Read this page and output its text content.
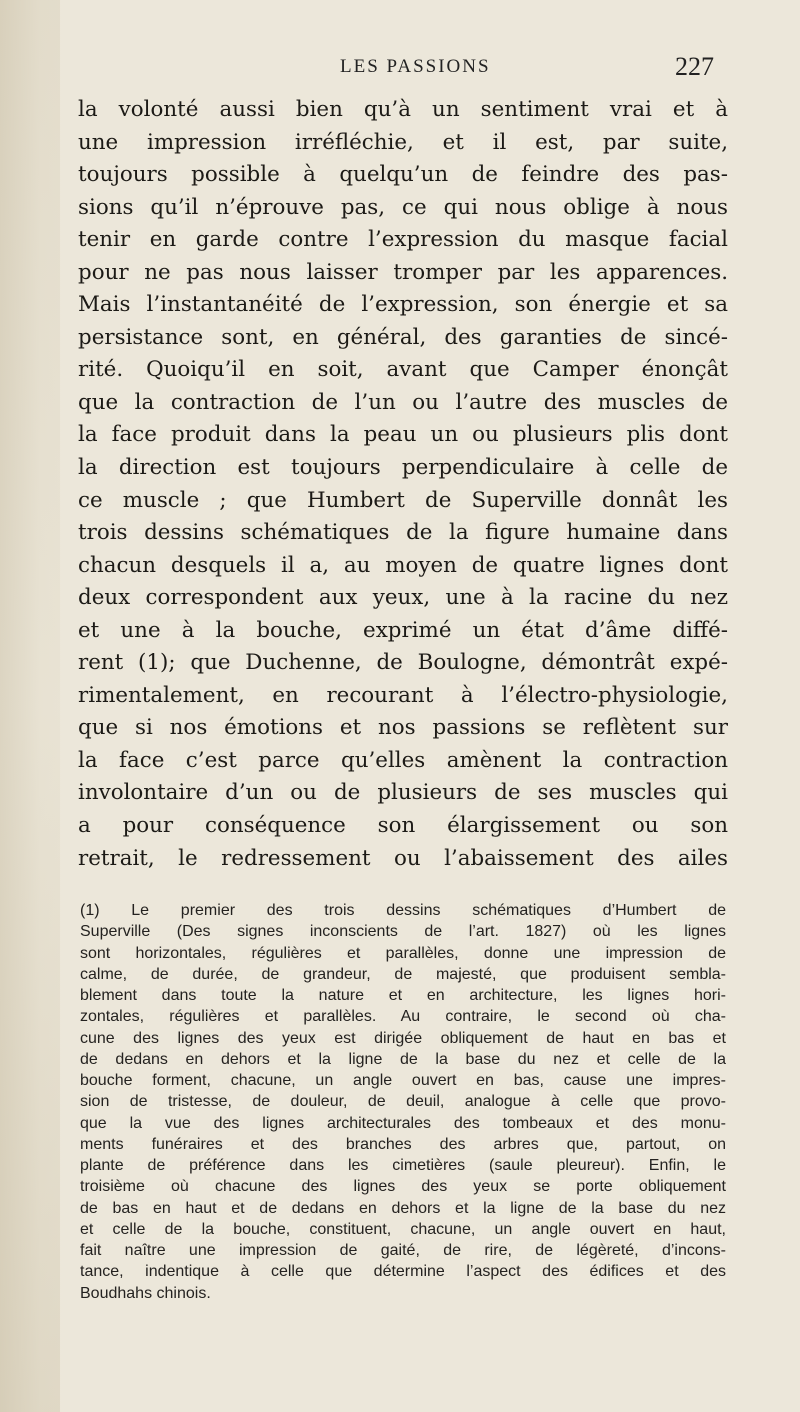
LES PASSIONS	227
la volonté aussi bien qu’à un sentiment vrai et à
une impression irréfléchie, et il est, par suite,
toujours possible à quelqu’un de feindre des pas-
sions qu’il n’éprouve pas, ce qui nous oblige à nous
tenir en garde contre l’expression du masque facial
pour ne pas nous laisser tromper par les apparences.
Mais l’instantanéité de l’expression, son énergie et sa
persistance sont, en général, des garanties de sincé-
rité. Quoiqu’il en soit, avant que Camper énonçât
que la contraction de l’un ou l’autre des muscles de
la face produit dans la peau un ou plusieurs plis dont
la direction est toujours perpendiculaire à celle de
ce muscle ; que Humbert de Superville donnât les
trois dessins schématiques de la figure humaine dans
chacun desquels il a, au moyen de quatre lignes dont
deux correspondent aux yeux, une à la racine du nez
et une à la bouche, exprimé un état d’âme diffé-
rent (1); que Duchenne, de Boulogne, démontrât expé-
rimentalement, en recourant à l’électro-physiologie,
que si nos émotions et nos passions se reflètent sur
la face c’est parce qu’elles amènent la contraction
involontaire d’un ou de plusieurs de ses muscles qui
a pour conséquence son élargissement ou son
retrait, le redressement ou l’abaissement des ailes
(1) Le premier des trois dessins schématiques d’Humbert de
Superville (Des signes inconscients de l’art. 1827) où les lignes
sont horizontales, régulières et parallèles, donne une impression de
calme, de durée, de grandeur, de majesté, que produisent sembla-
blement dans toute la nature et en architecture, les lignes hori-
zontales, régulières et parallèles. Au contraire, le second où cha-
cune des lignes des yeux est dirigée obliquement de haut en bas et
de dedans en dehors et la ligne de la base du nez et celle de la
bouche forment, chacune, un angle ouvert en bas, cause une impres-
sion de tristesse, de douleur, de deuil, analogue à celle que provo-
que la vue des lignes architecturales des tombeaux et des monu-
ments funéraires et des branches des arbres que, partout, on
plante de préférence dans les cimetières (saule pleureur). Enfin, le
troisième où chacune des lignes des yeux se porte obliquement
de bas en haut et de dedans en dehors et la ligne de la base du nez
et celle de la bouche, constituent, chacune, un angle ouvert en haut,
fait naître une impression de gaité, de rire, de légèreté, d’incons-
tance, indentique à celle que détermine l’aspect des édifices et des
Boudhahs chinois.
